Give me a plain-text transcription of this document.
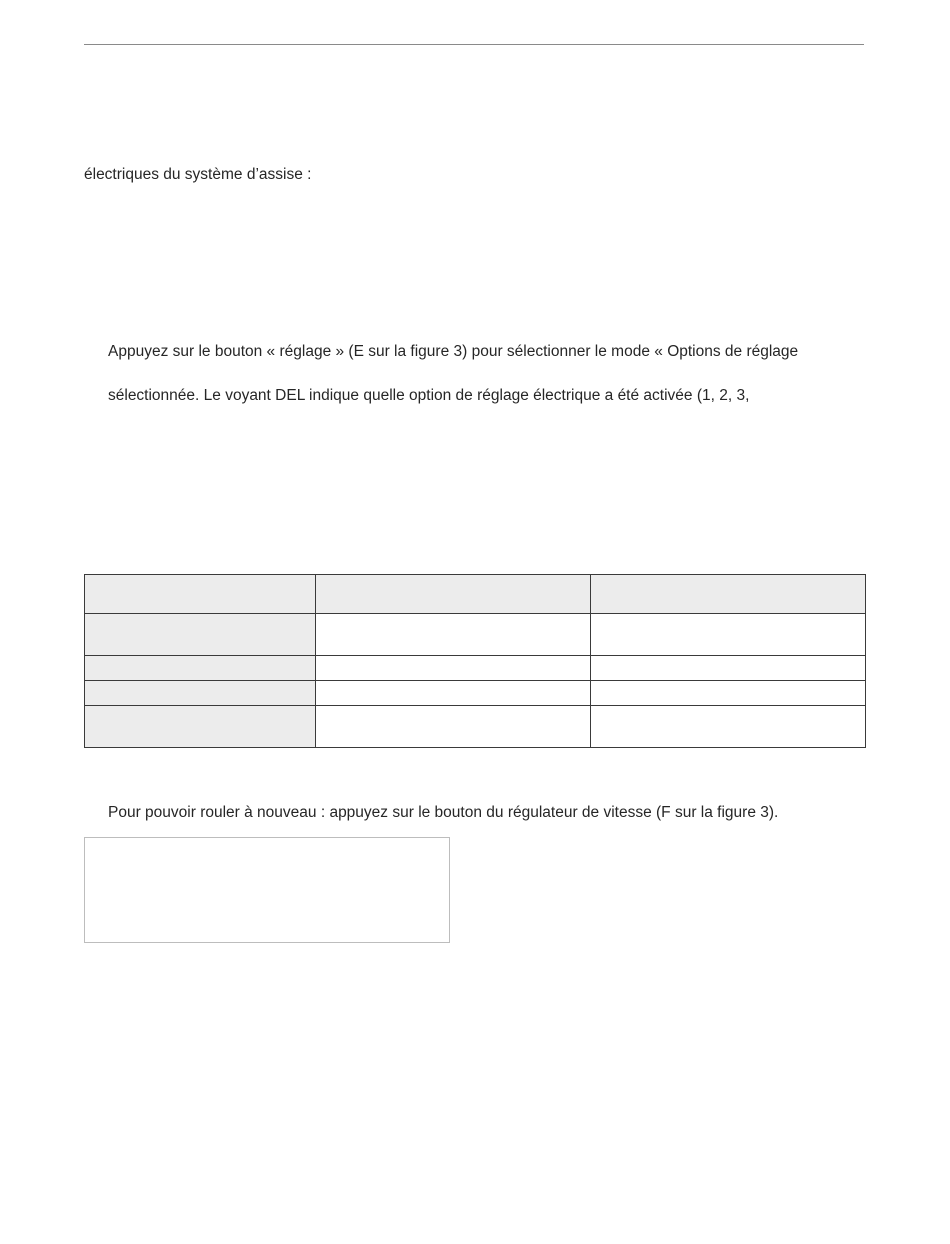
électriques du système d’assise :
Appuyez sur le bouton « réglage » (E sur la figure 3) pour sélectionner le mode « Options de réglage
sélectionnée. Le voyant DEL indique quelle option de réglage électrique a été activée (1, 2, 3,

Pour pouvoir rouler à nouveau : appuyez sur le bouton du régulateur de vitesse (F sur la figure 3).
